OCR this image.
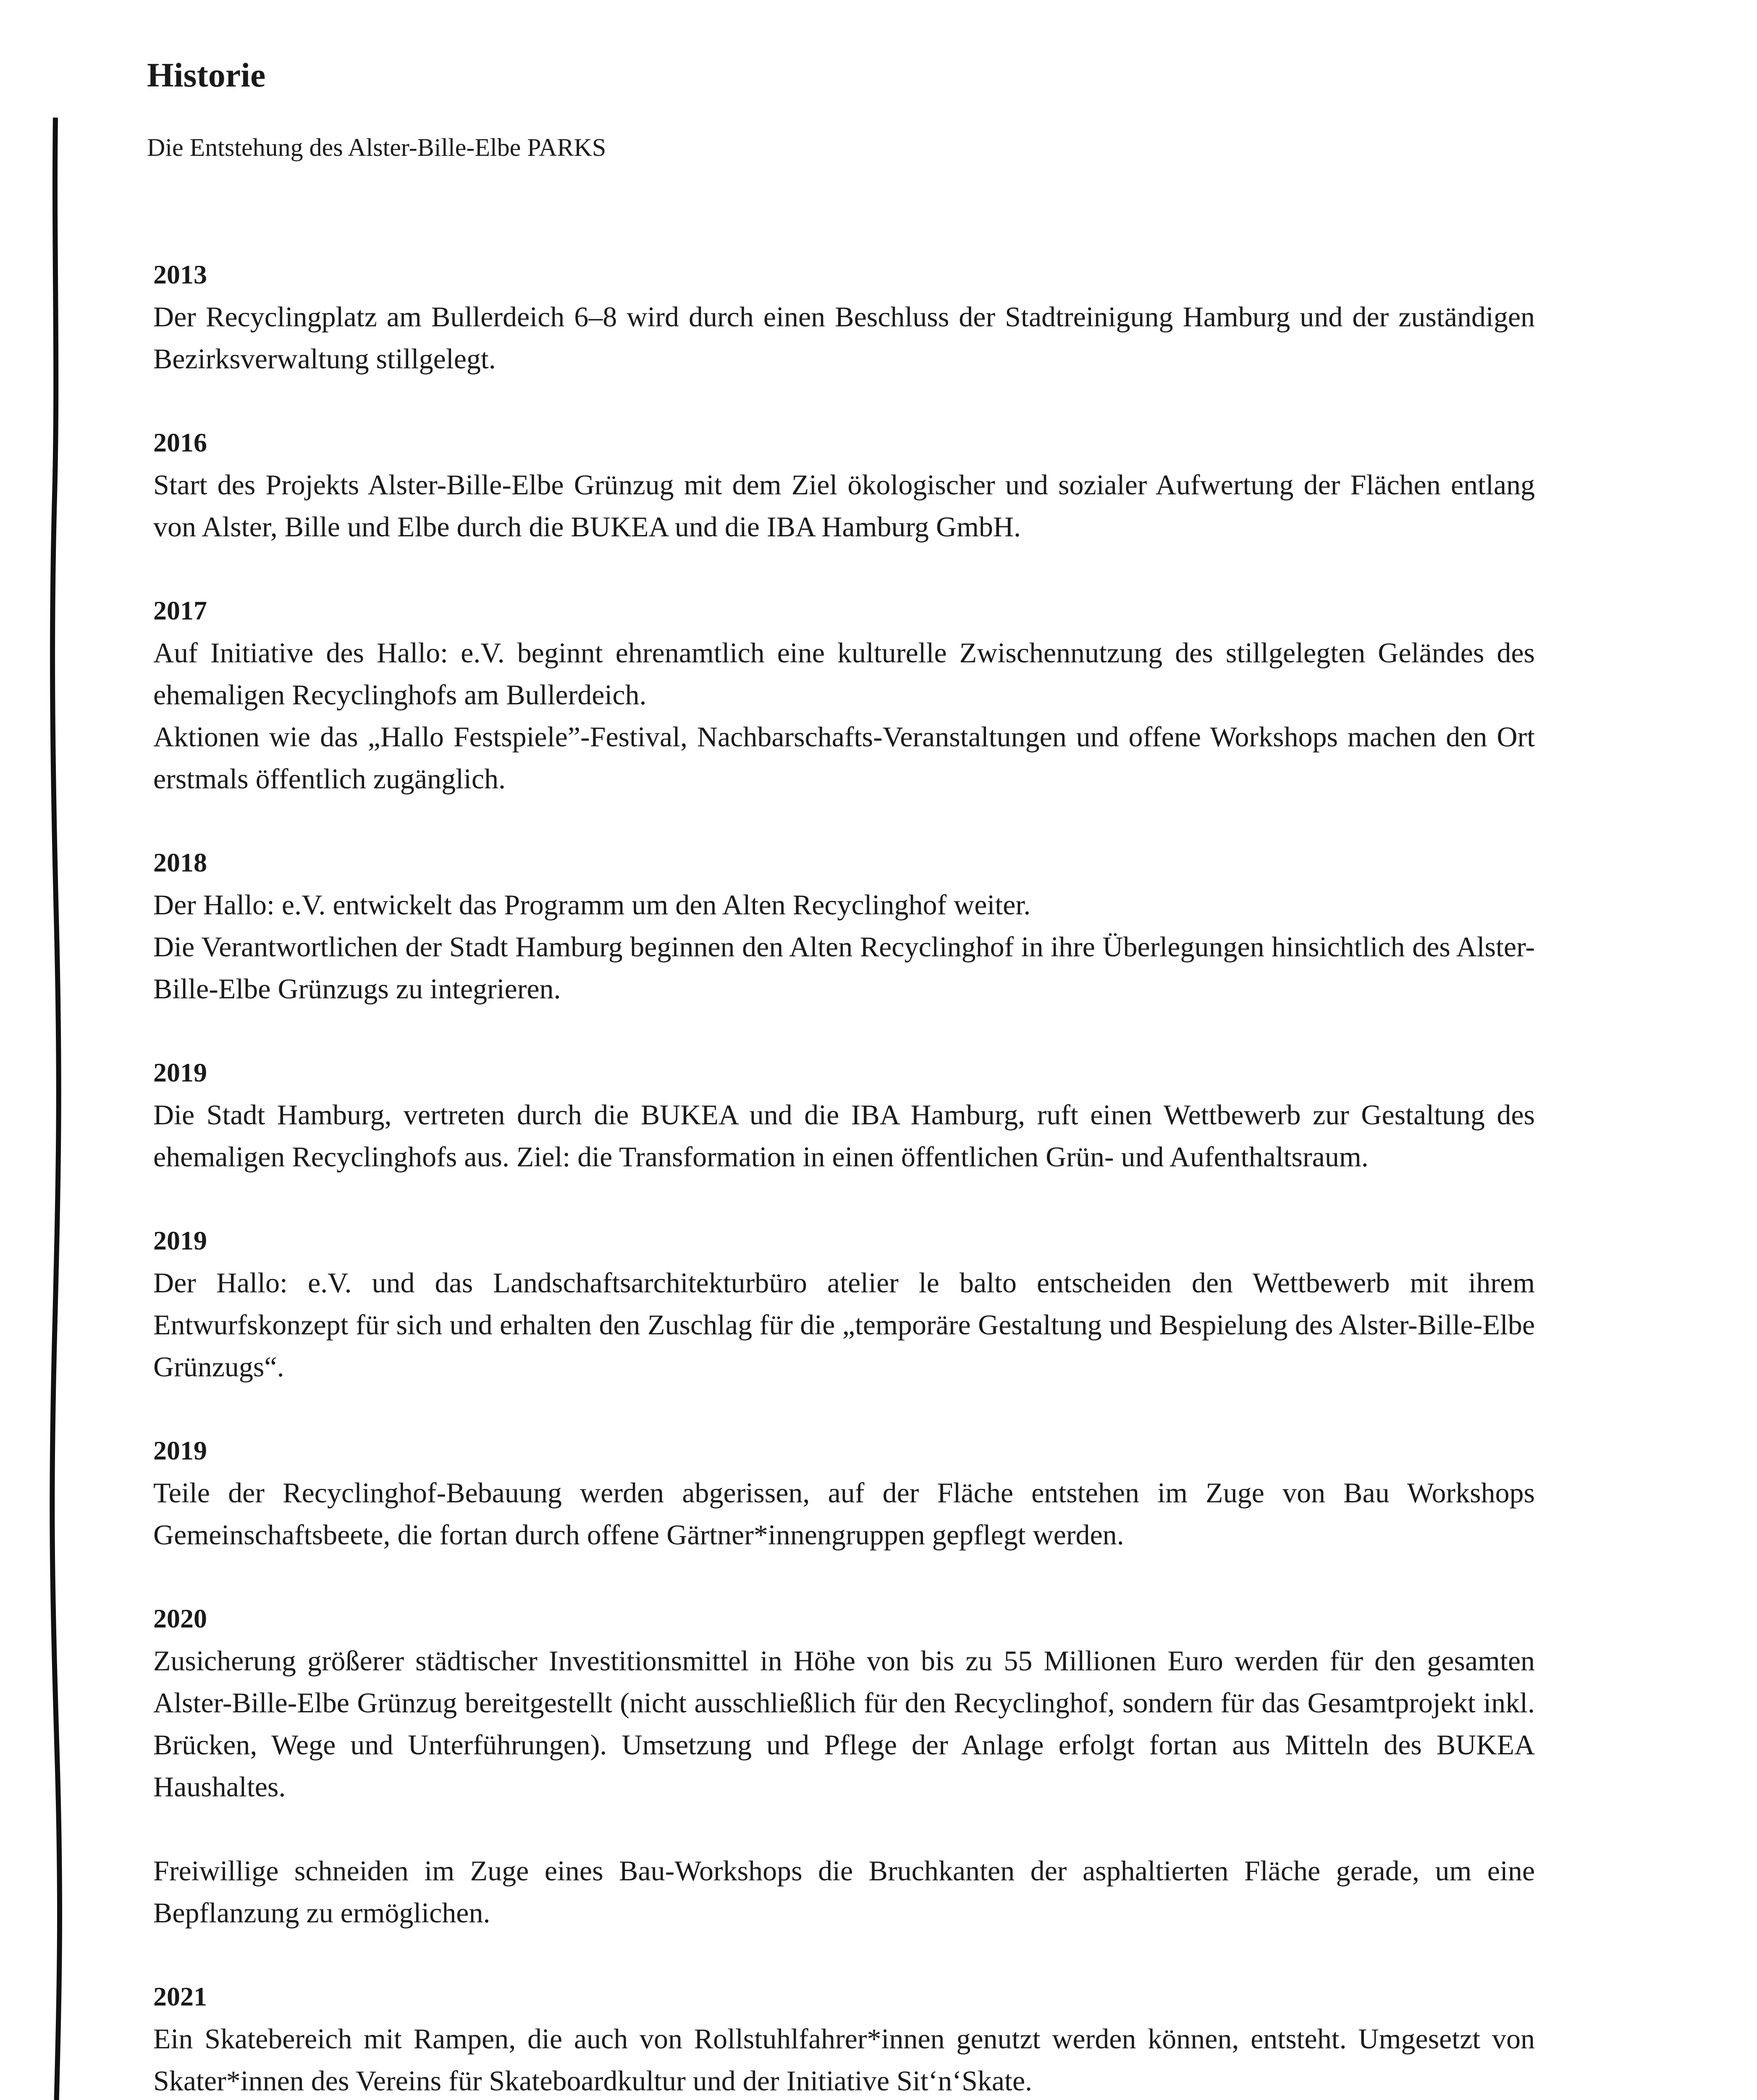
Historie

Die Entstehung des Alster-Bille-Elbe PARKS

2013

Der Recyclingplatz am Bullerdeich 6–8 wird durch einen Beschluss der Stadtreinigung Hamburg und der zuständigen Bezirksverwaltung stillgelegt.

2016

Start des Projekts Alster-Bille-Elbe Grünzug mit dem Ziel ökologischer und sozialer Aufwertung der Flächen entlang von Alster, Bille und Elbe durch die BUKEA und die IBA Hamburg GmbH.

2017

Auf Initiative des Hallo: e.V. beginnt ehrenamtlich eine kulturelle Zwischennutzung des stillgelegten Geländes des ehemaligen Recyclinghofs am Bullerdeich.

Aktionen wie das „Hallo Festspiele”-Festival, Nachbarschafts-Veranstaltungen und offene Workshops machen den Ort erstmals öffentlich zugänglich.

2018

Der Hallo: e.V. entwickelt das Programm um den Alten Recyclinghof weiter.

Die Verantwortlichen der Stadt Hamburg beginnen den Alten Recyclinghof in ihre Überlegungen hinsichtlich des Alster-Bille-Elbe Grünzugs zu integrieren.

2019

Die Stadt Hamburg, vertreten durch die BUKEA und die IBA Hamburg, ruft einen Wettbewerb zur Gestaltung des ehemaligen Recyclinghofs aus. Ziel: die Transformation in einen öffentlichen Grün- und Aufenthaltsraum.

2019

Der Hallo: e.V. und das Landschaftsarchitekturbüro atelier le balto entscheiden den Wettbewerb mit ihrem Entwurfskonzept für sich und erhalten den Zuschlag für die „temporäre Gestaltung und Bespielung des Alster-Bille-Elbe Grünzugs“.

2019

Teile der Recyclinghof-Bebauung werden abgerissen, auf der Fläche entstehen im Zuge von Bau Workshops Gemeinschaftsbeete, die fortan durch offene Gärtner*innengruppen gepflegt werden.

2020

Zusicherung größerer städtischer Investitionsmittel in Höhe von bis zu 55 Millionen Euro werden für den gesamten Alster-Bille-Elbe Grünzug bereitgestellt (nicht ausschließlich für den Recyclinghof, sondern für das Gesamtprojekt inkl. Brücken, Wege und Unterführungen). Umsetzung und Pflege der Anlage erfolgt fortan aus Mitteln des BUKEA Haushaltes.

Freiwillige schneiden im Zuge eines Bau-Workshops die Bruchkanten der asphaltierten Fläche gerade, um eine Bepflanzung zu ermöglichen.

2021

Ein Skatebereich mit Rampen, die auch von Rollstuhlfahrer*innen genutzt werden können, entsteht. Umgesetzt von Skater*innen des Vereins für Skateboardkultur und der Initiative Sit‘n‘Skate.
